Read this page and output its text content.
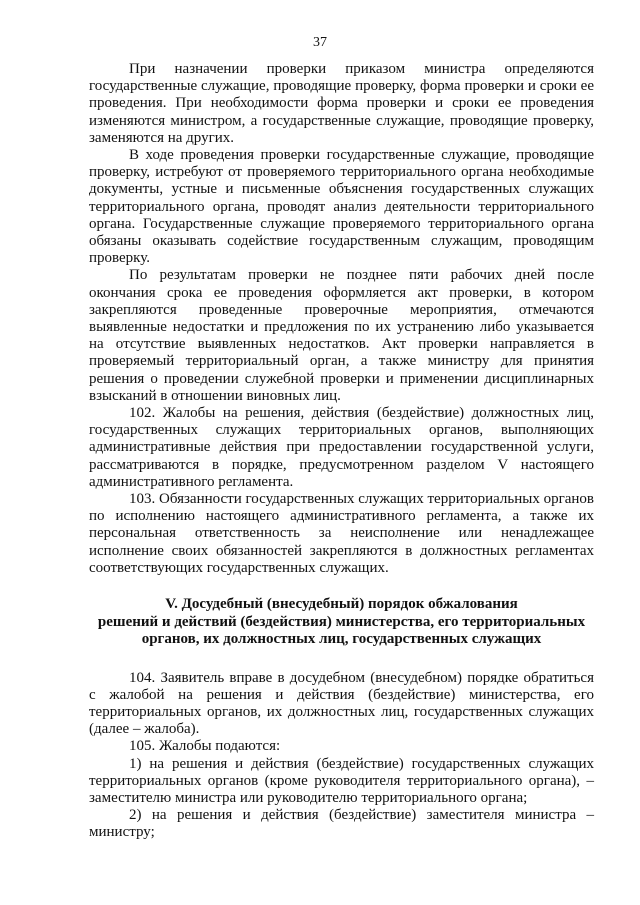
37

При назначении проверки приказом министра определяются государственные служащие, проводящие проверку, форма проверки и сроки ее проведения. При необходимости форма проверки и сроки ее проведения изменяются министром, а государственные служащие, проводящие проверку, заменяются на других.

В ходе проведения проверки государственные служащие, проводящие проверку, истребуют от проверяемого территориального органа необходимые документы, устные и письменные объяснения государственных служащих территориального органа, проводят анализ деятельности территориального органа. Государственные служащие проверяемого территориального органа обязаны оказывать содействие государственным служащим, проводящим проверку.

По результатам проверки не позднее пяти рабочих дней после окончания срока ее проведения оформляется акт проверки, в котором закрепляются проведенные проверочные мероприятия, отмечаются выявленные недостатки и предложения по их устранению либо указывается на отсутствие выявленных недостатков. Акт проверки направляется в проверяемый территориальный орган, а также министру для принятия решения о проведении служебной проверки и применении дисциплинарных взысканий в отношении виновных лиц.

102. Жалобы на решения, действия (бездействие) должностных лиц, государственных служащих территориальных органов, выполняющих административные действия при предоставлении государственной услуги, рассматриваются в порядке, предусмотренном разделом V настоящего административного регламента.

103. Обязанности государственных служащих территориальных органов по исполнению настоящего административного регламента, а также их персональная ответственность за неисполнение или ненадлежащее исполнение своих обязанностей закрепляются в должностных регламентах соответствующих государственных служащих.

V. Досудебный (внесудебный) порядок обжалования
решений и действий (бездействия) министерства, его территориальных
органов, их должностных лиц, государственных служащих

104. Заявитель вправе в досудебном (внесудебном) порядке обратиться с жалобой на решения и действия (бездействие) министерства, его территориальных органов, их должностных лиц, государственных служащих (далее – жалоба).

105. Жалобы подаются:

1) на решения и действия (бездействие) государственных служащих территориальных органов (кроме руководителя территориального органа), – заместителю министра или руководителю территориального органа;

2) на решения и действия (бездействие) заместителя министра – министру;
